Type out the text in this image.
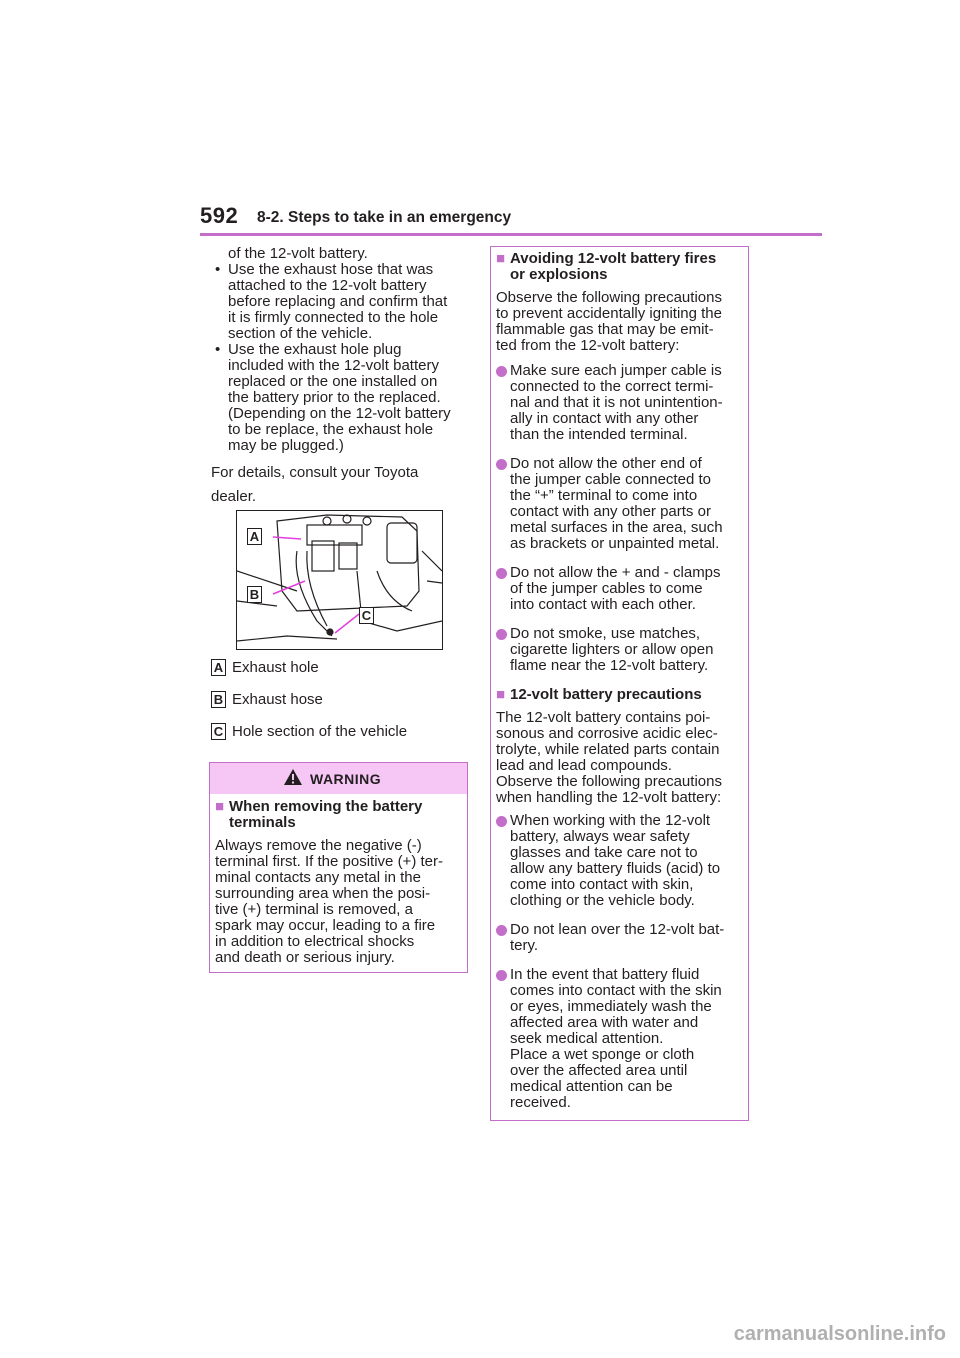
592 8-2. Steps to take in an emergency
of the 12-volt battery.
• Use the exhaust hose that was
attached to the 12-volt battery
before replacing and confirm that
it is firmly connected to the hole
section of the vehicle.
• Use the exhaust hole plug
included with the 12-volt battery
replaced or the one installed on
the battery prior to the replaced.
(Depending on the 12-volt battery
to be replace, the exhaust hole
may be plugged.)
For details, consult your Toyota
dealer.
A
B
C
A Exhaust hole
B Exhaust hose
C Hole section of the vehicle
WARNING
■ When removing the battery
terminals
Always remove the negative (-)
terminal first. If the positive (+) ter-
minal contacts any metal in the
surrounding area when the posi-
tive (+) terminal is removed, a
spark may occur, leading to a fire
in addition to electrical shocks
and death or serious injury.
■ Avoiding 12-volt battery fires
or explosions
Observe the following precautions
to prevent accidentally igniting the
flammable gas that may be emit-
ted from the 12-volt battery:
Make sure each jumper cable is
connected to the correct termi-
nal and that it is not unintention-
ally in contact with any other
than the intended terminal.
Do not allow the other end of
the jumper cable connected to
the “+” terminal to come into
contact with any other parts or
metal surfaces in the area, such
as brackets or unpainted metal.
Do not allow the + and - clamps
of the jumper cables to come
into contact with each other.
Do not smoke, use matches,
cigarette lighters or allow open
flame near the 12-volt battery.
■ 12-volt battery precautions
The 12-volt battery contains poi-
sonous and corrosive acidic elec-
trolyte, while related parts contain
lead and lead compounds.
Observe the following precautions
when handling the 12-volt battery:
When working with the 12-volt
battery, always wear safety
glasses and take care not to
allow any battery fluids (acid) to
come into contact with skin,
clothing or the vehicle body.
Do not lean over the 12-volt bat-
tery.
In the event that battery fluid
comes into contact with the skin
or eyes, immediately wash the
affected area with water and
seek medical attention.
Place a wet sponge or cloth
over the affected area until
medical attention can be
received.
carmanualsonline.info
